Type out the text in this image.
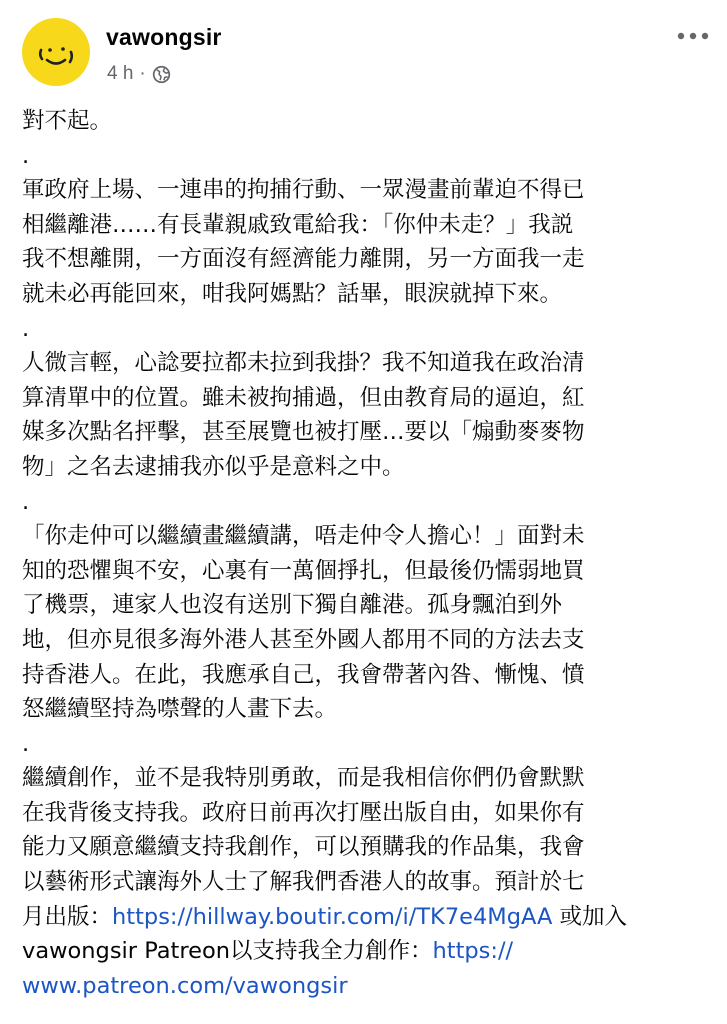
vawongsir
4 h ·
對不起。
.
軍政府上場、一連串的拘捕行動、一眾漫畫前輩迫不得已
相繼離港……有長輩親戚致電給我：「你仲未走？」我説
我不想離開，一方面沒有經濟能力離開，另一方面我一走
就未必再能回來，咁我阿媽點？話畢，眼淚就掉下來。
.
人微言輕，心諗要拉都未拉到我掛？我不知道我在政治清
算清單中的位置。雖未被拘捕過，但由教育局的逼迫，紅
媒多次點名抨擊，甚至展覽也被打壓…要以「煽動麥麥物
物」之名去逮捕我亦似乎是意料之中。
.
「你走仲可以繼續畫繼續講，唔走仲令人擔心！」面對未
知的恐懼與不安，心裏有一萬個掙扎，但最後仍懦弱地買
了機票，連家人也沒有送別下獨自離港。孤身飄泊到外
地，但亦見很多海外港人甚至外國人都用不同的方法去支
持香港人。在此，我應承自己，我會帶著內咎、慚愧、憤
怒繼續堅持為噤聲的人畫下去。
.
繼續創作，並不是我特別勇敢，而是我相信你們仍會默默
在我背後支持我。政府日前再次打壓出版自由，如果你有
能力又願意繼續支持我創作，可以預購我的作品集，我會
以藝術形式讓海外人士了解我們香港人的故事。預計於七
月出版：https://hillway.boutir.com/i/TK7e4MgAA 或加入
vawongsir Patreon以支持我全力創作：https://
www.patreon.com/vawongsir
